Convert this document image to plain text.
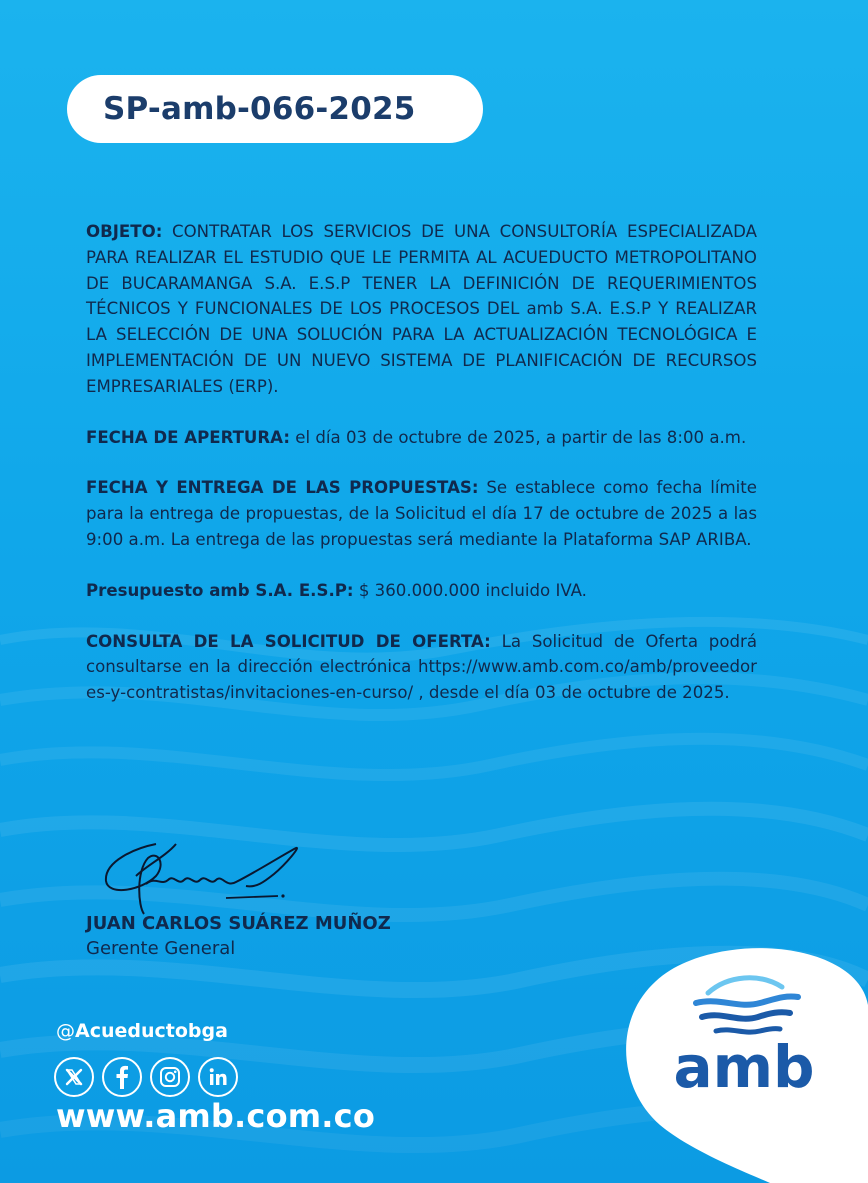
SP-amb-066-2025

OBJETO: CONTRATAR LOS SERVICIOS DE UNA CONSULTORÍA ESPECIALIZADA PARA REALIZAR EL ESTUDIO QUE LE PERMITA AL ACUEDUCTO METROPOLITANO DE BUCARAMANGA S.A. E.S.P TENER LA DEFINICIÓN DE REQUERIMIENTOS TÉCNICOS Y FUNCIONALES DE LOS PROCESOS DEL amb S.A. E.S.P Y REALIZAR LA SELECCIÓN DE UNA SOLUCIÓN PARA LA ACTUALIZACIÓN TECNOLÓGICA E IMPLEMENTACIÓN DE UN NUEVO SISTEMA DE PLANIFICACIÓN DE RECURSOS EMPRESARIALES (ERP).

FECHA DE APERTURA: el día 03 de octubre de 2025, a partir de las 8:00 a.m.

FECHA Y ENTREGA DE LAS PROPUESTAS: Se establece como fecha límite para la entrega de propuestas, de la Solicitud el día 17 de octubre de 2025 a las 9:00 a.m. La entrega de las propuestas será mediante la Plataforma SAP ARIBA.

Presupuesto amb S.A. E.S.P: $ 360.000.000 incluido IVA.

CONSULTA DE LA SOLICITUD DE OFERTA: La Solicitud de Oferta podrá consultarse en la dirección electrónica https://www.amb.com.co/amb/proveedores-y-contratistas/invitaciones-en-curso/ , desde el día 03 de octubre de 2025.

JUAN CARLOS SUÁREZ MUÑOZ
Gerente General
@Acueductobga
www.amb.com.co
amb
